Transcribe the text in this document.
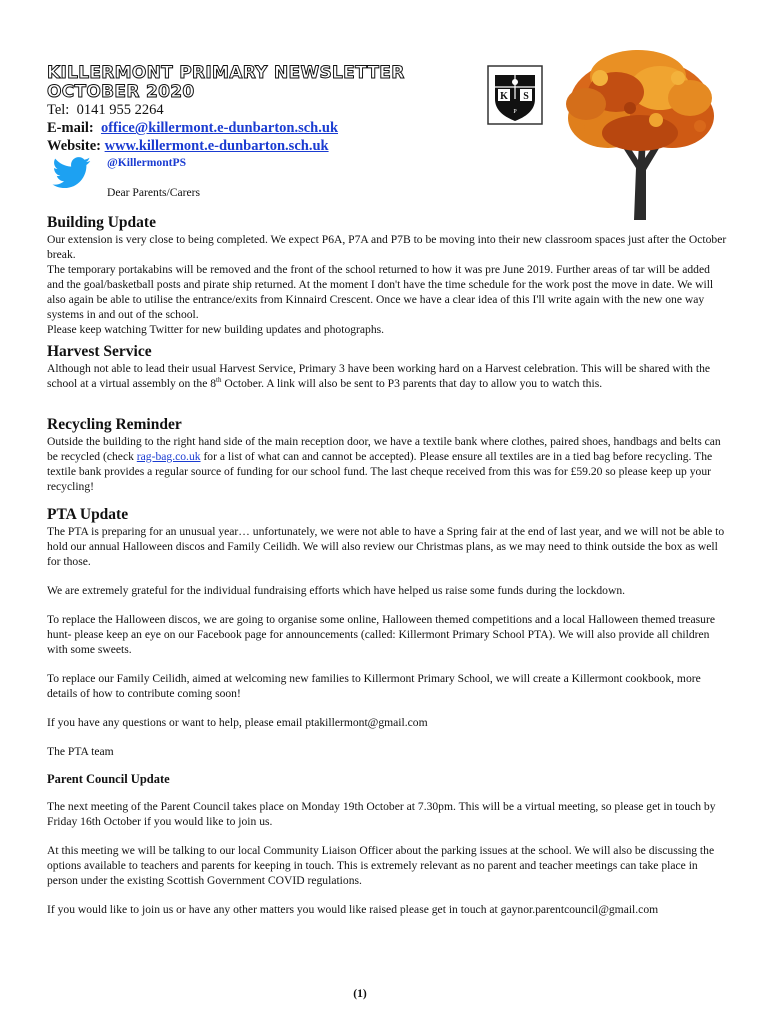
KILLERMONT PRIMARY NEWSLETTER
OCTOBER 2020
Tel: 0141 955 2264
E-mail: office@killermont.e-dunbarton.sch.uk
Website: www.killermont.e-dunbarton.sch.uk
@KillermontPS
Dear Parents/Carers
K
P
S
Building Update

Our extension is very close to being completed. We expect P6A, P7A and P7B to be moving into their new classroom spaces just after the October break.

The temporary portakabins will be removed and the front of the school returned to how it was pre June 2019. Further areas of tar will be added and the goal/basketball posts and pirate ship returned. At the moment I don't have the time schedule for the work post the move in date. We will also again be able to utilise the entrance/exits from Kinnaird Crescent. Once we have a clear idea of this I'll write again with the new one way systems in and out of the school.

Please keep watching Twitter for new building updates and photographs.

Harvest Service

Although not able to lead their usual Harvest Service, Primary 3 have been working hard on a Harvest celebration. This will be shared with the school at a virtual assembly on the 8th October. A link will also be sent to P3 parents that day to allow you to watch this.

Recycling Reminder

Outside the building to the right hand side of the main reception door, we have a textile bank where clothes, paired shoes, handbags and belts can be recycled (check rag-bag.co.uk for a list of what can and cannot be accepted). Please ensure all textiles are in a tied bag before recycling. The textile bank provides a regular source of funding for our school fund. The last cheque received from this was for £59.20 so please keep up your recycling!

PTA Update

The PTA is preparing for an unusual year… unfortunately, we were not able to have a Spring fair at the end of last year, and we will not be able to hold our annual Halloween discos and Family Ceilidh. We will also review our Christmas plans, as we may need to think outside the box as well for those.

We are extremely grateful for the individual fundraising efforts which have helped us raise some funds during the lockdown.

To replace the Halloween discos, we are going to organise some online, Halloween themed competitions and a local Halloween themed treasure hunt- please keep an eye on our Facebook page for announcements (called: Killermont Primary School PTA). We will also provide all children with some sweets.

To replace our Family Ceilidh, aimed at welcoming new families to Killermont Primary School, we will create a Killermont cookbook, more details of how to contribute coming soon!

If you have any questions or want to help, please email ptakillermont@gmail.com

The PTA team

Parent Council Update

The next meeting of the Parent Council takes place on Monday 19th October at 7.30pm. This will be a virtual meeting, so please get in touch by Friday 16th October if you would like to join us.

At this meeting we will be talking to our local Community Liaison Officer about the parking issues at the school. We will also be discussing the options available to teachers and parents for keeping in touch. This is extremely relevant as no parent and teacher meetings can take place in person under the existing Scottish Government COVID regulations.

If you would like to join us or have any other matters you would like raised please get in touch at gaynor.parentcouncil@gmail.com

(1)
